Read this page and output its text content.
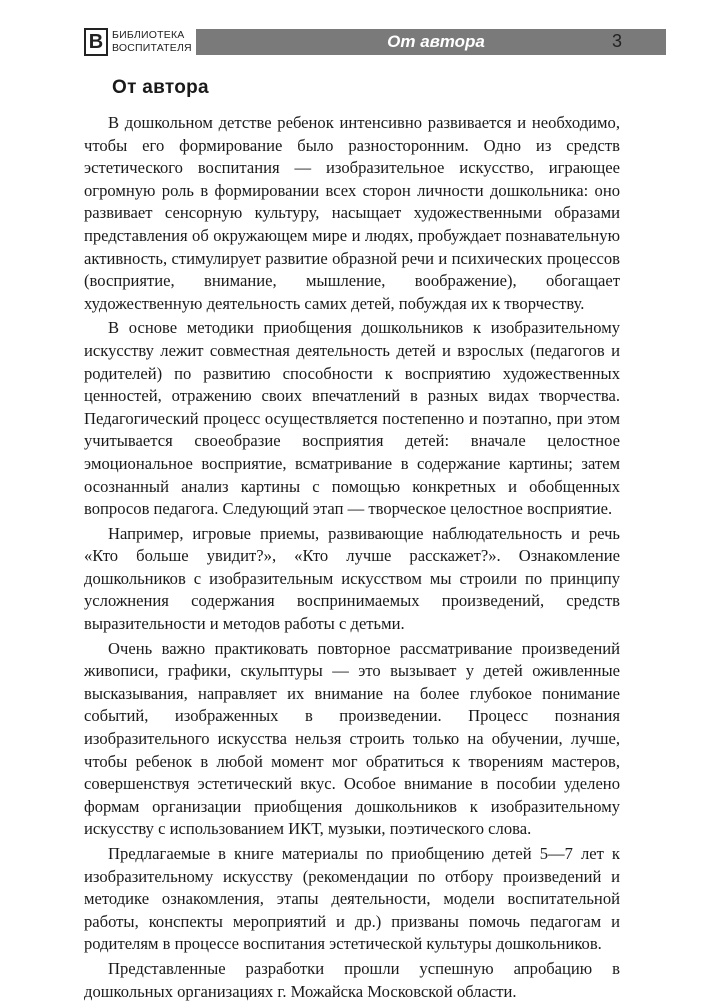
В БИБЛИОТЕКА
ВОСПИТАТЕЛЯ	От автора	3
От автора

В дошкольном детстве ребенок интенсивно развивается и необходимо, чтобы его формирование было разносторонним. Одно из средств эстетического воспитания — изобразительное искусство, играющее огромную роль в формировании всех сторон личности дошкольника: оно развивает сенсорную культуру, насыщает художественными образами представления об окружающем мире и людях, пробуждает познавательную активность, стимулирует развитие образной речи и психических процессов (восприятие, внимание, мышление, воображение), обогащает художественную деятельность самих детей, побуждая их к творчеству.

В основе методики приобщения дошкольников к изобразительному искусству лежит совместная деятельность детей и взрослых (педагогов и родителей) по развитию способности к восприятию художественных ценностей, отражению своих впечатлений в разных видах творчества. Педагогический процесс осуществляется постепенно и поэтапно, при этом учитывается своеобразие восприятия детей: вначале целостное эмоциональное восприятие, всматривание в содержание картины; затем осознанный анализ картины с помощью конкретных и обобщенных вопросов педагога. Следующий этап — творческое целостное восприятие.

Например, игровые приемы, развивающие наблюдательность и речь «Кто больше увидит?», «Кто лучше расскажет?». Ознакомление дошкольников с изобразительным искусством мы строили по принципу усложнения содержания воспринимаемых произведений, средств выразительности и методов работы с детьми.

Очень важно практиковать повторное рассматривание произведений живописи, графики, скульптуры — это вызывает у детей оживленные высказывания, направляет их внимание на более глубокое понимание событий, изображенных в произведении. Процесс познания изобразительного искусства нельзя строить только на обучении, лучше, чтобы ребенок в любой момент мог обратиться к творениям мастеров, совершенствуя эстетический вкус. Особое внимание в пособии уделено формам организации приобщения дошкольников к изобразительному искусству с использованием ИКТ, музыки, поэтического слова.

Предлагаемые в книге материалы по приобщению детей 5—7 лет к изобразительному искусству (рекомендации по отбору произведений и методике ознакомления, этапы деятельности, модели воспитательной работы, конспекты мероприятий и др.) призваны помочь педагогам и родителям в процессе воспитания эстетической культуры дошкольников.

Представленные разработки прошли успешную апробацию в дошкольных организациях г. Можайска Московской области.
